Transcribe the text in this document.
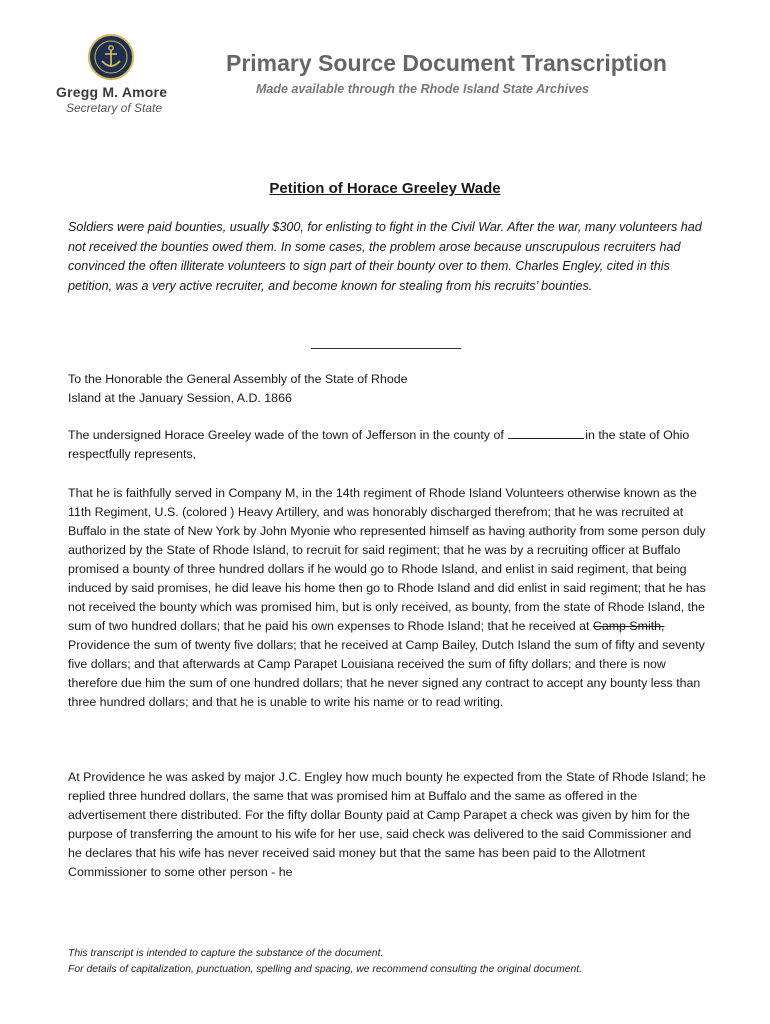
Gregg M. Amore
Secretary of State
Primary Source Document Transcription
Made available through the Rhode Island State Archives
Petition of Horace Greeley Wade
Soldiers were paid bounties, usually $300, for enlisting to fight in the Civil War. After the war, many volunteers had not received the bounties owed them. In some cases, the problem arose because unscrupulous recruiters had convinced the often illiterate volunteers to sign part of their bounty over to them. Charles Engley, cited in this petition, was a very active recruiter, and become known for stealing from his recruits’ bounties.
To the Honorable the General Assembly of the State of Rhode
Island at the January Session, A.D. 1866
The undersigned Horace Greeley wade of the town of Jefferson in the county of	in the state of Ohio respectfully represents,
That he is faithfully served in Company M, in the 14th regiment of Rhode Island Volunteers otherwise known as the 11th Regiment, U.S. (colored ) Heavy Artillery, and was honorably discharged therefrom; that he was recruited at Buffalo in the state of New York by John Myonie who represented himself as having authority from some person duly authorized by the State of Rhode Island, to recruit for said regiment; that he was by a recruiting officer at Buffalo promised a bounty of three hundred dollars if he would go to Rhode Island, and enlist in said regiment, that being induced by said promises, he did leave his home then go to Rhode Island and did enlist in said regiment; that he has not received the bounty which was promised him, but is only received, as bounty, from the state of Rhode Island, the sum of two hundred dollars; that he paid his own expenses to Rhode Island; that he received at Camp Smith, Providence the sum of twenty five dollars; that he received at Camp Bailey, Dutch Island the sum of fifty and seventy five dollars; and that afterwards at Camp Parapet Louisiana received the sum of fifty dollars; and there is now therefore due him the sum of one hundred dollars; that he never signed any contract to accept any bounty less than three hundred dollars; and that he is unable to write his name or to read writing.
At Providence he was asked by major J.C. Engley how much bounty he expected from the State of Rhode Island; he replied three hundred dollars, the same that was promised him at Buffalo and the same as offered in the advertisement there distributed. For the fifty dollar Bounty paid at Camp Parapet a check was given by him for the purpose of transferring the amount to his wife for her use, said check was delivered to the said Commissioner and he declares that his wife has never received said money but that the same has been paid to the Allotment Commissioner to some other person - he
This transcript is intended to capture the substance of the document.
For details of capitalization, punctuation, spelling and spacing, we recommend consulting the original document.
